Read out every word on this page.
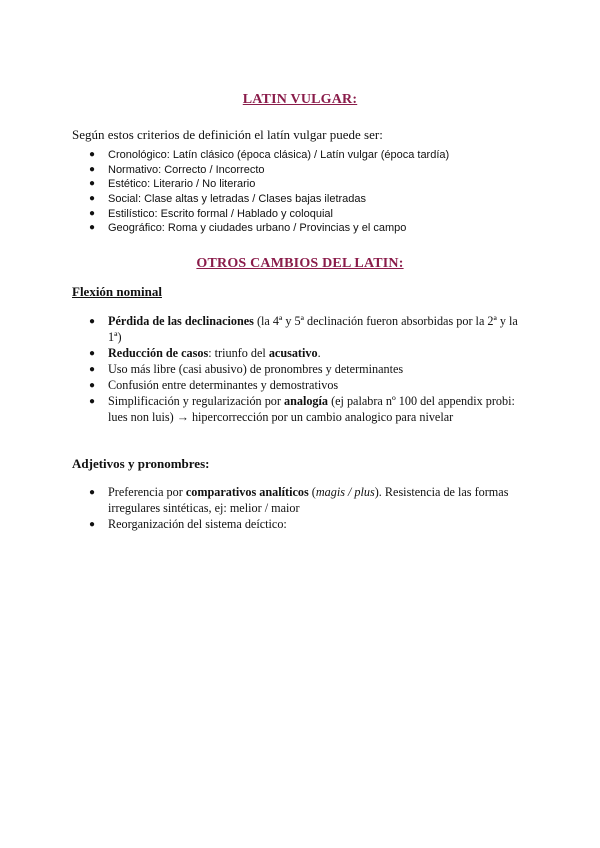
LATIN VULGAR:
Según estos criterios de definición el latín vulgar puede ser:
● Cronológico: Latín clásico (época clásica) / Latín vulgar (época tardía)
● Normativo: Correcto / Incorrecto
● Estético: Literario / No literario
● Social: Clase altas y letradas / Clases bajas iletradas
● Estilístico: Escrito formal / Hablado y coloquial
● Geográfico: Roma y ciudades urbano / Provincias y el campo
OTROS CAMBIOS DEL LATIN:
Flexión nominal
● Pérdida de las declinaciones (la 4ª y 5ª declinación fueron absorbidas por la 2ª y la 1ª)
● Reducción de casos: triunfo del acusativo.
● Uso más libre (casi abusivo) de pronombres y determinantes
● Confusión entre determinantes y demostrativos
● Simplificación y regularización por analogía (ej palabra nº 100 del appendix probi: lues non luis) → hipercorrección por un cambio analogico para nivelar
Adjetivos y pronombres:
● Preferencia por comparativos analíticos (magis / plus). Resistencia de las formas irregulares sintéticas, ej: melior / maior
● Reorganización del sistema deíctico:
